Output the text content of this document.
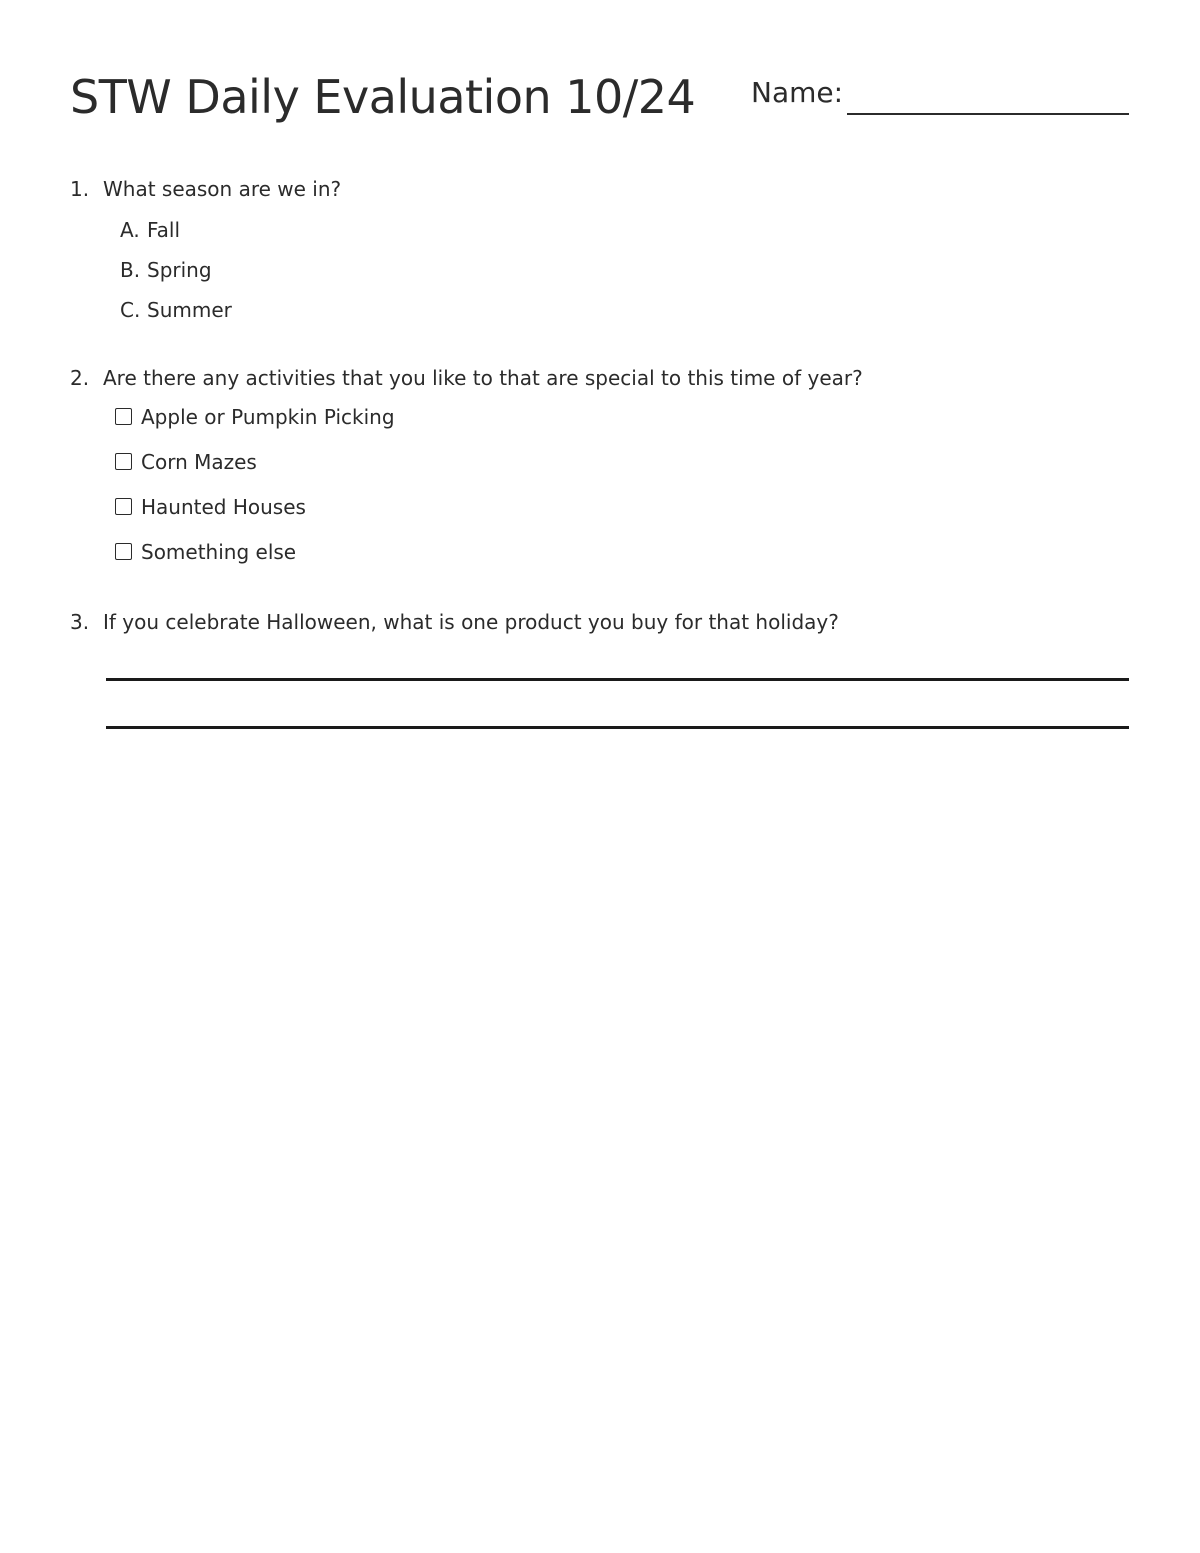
STW Daily Evaluation 10/24 Name:
1. What season are we in?
A. Fall
B. Spring
C. Summer
2. Are there any activities that you like to that are special to this time of year?
Apple or Pumpkin Picking
Corn Mazes
Haunted Houses
Something else
3. If you celebrate Halloween, what is one product you buy for that holiday?
